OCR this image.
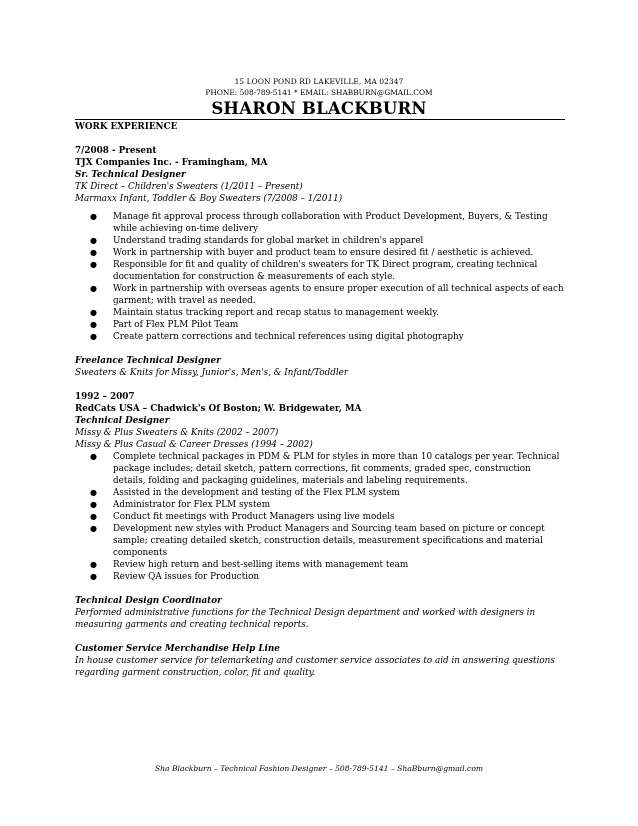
15 LOON POND RD LAKEVILLE, MA 02347
PHONE: 508-789-5141 * EMAIL: SHABBURN@GMAIL.COM
SHARON BLACKBURN

WORK EXPERIENCE

7/2008 - Present

TJX Companies Inc. - Framingham, MA

Sr. Technical Designer

TK Direct – Children's Sweaters (1/2011 – Present)

Marmaxx Infant, Toddler & Boy Sweaters (7/2008 – 1/2011)

● Manage fit approval process through collaboration with Product Development, Buyers, & Testing while achieving on-time delivery
● Understand trading standards for global market in children's apparel
● Work in partnership with buyer and product team to ensure desired fit / aesthetic is achieved.
● Responsible for fit and quality of children's sweaters for TK Direct program, creating technical documentation for construction & measurements of each style.
● Work in partnership with overseas agents to ensure proper execution of all technical aspects of each garment; with travel as needed.
● Maintain status tracking report and recap status to management weekly.
● Part of Flex PLM Pilot Team
● Create pattern corrections and technical references using digital photography

Freelance Technical Designer

Sweaters & Knits for Missy, Junior's, Men's, & Infant/Toddler

1992 – 2007

RedCats USA – Chadwick's Of Boston; W. Bridgewater, MA

Technical Designer

Missy & Plus Sweaters & Knits (2002 – 2007)

Missy & Plus Casual & Career Dresses (1994 – 2002)

● Complete technical packages in PDM & PLM for styles in more than 10 catalogs per year. Technical package includes; detail sketch, pattern corrections, fit comments, graded spec, construction details, folding and packaging guidelines, materials and labeling requirements.
● Assisted in the development and testing of the Flex PLM system
● Administrator for Flex PLM system
● Conduct fit meetings with Product Managers using live models
● Development new styles with Product Managers and Sourcing team based on picture or concept sample; creating detailed sketch, construction details, measurement specifications and material components
● Review high return and best-selling items with management team
● Review QA issues for Production

Technical Design Coordinator

Performed administrative functions for the Technical Design department and worked with designers in measuring garments and creating technical reports.

Customer Service Merchandise Help Line

In house customer service for telemarketing and customer service associates to aid in answering questions regarding garment construction, color, fit and quality.

Sha Blackburn – Technical Fashion Designer – 508-789-5141 – ShaBburn@gmail.com
